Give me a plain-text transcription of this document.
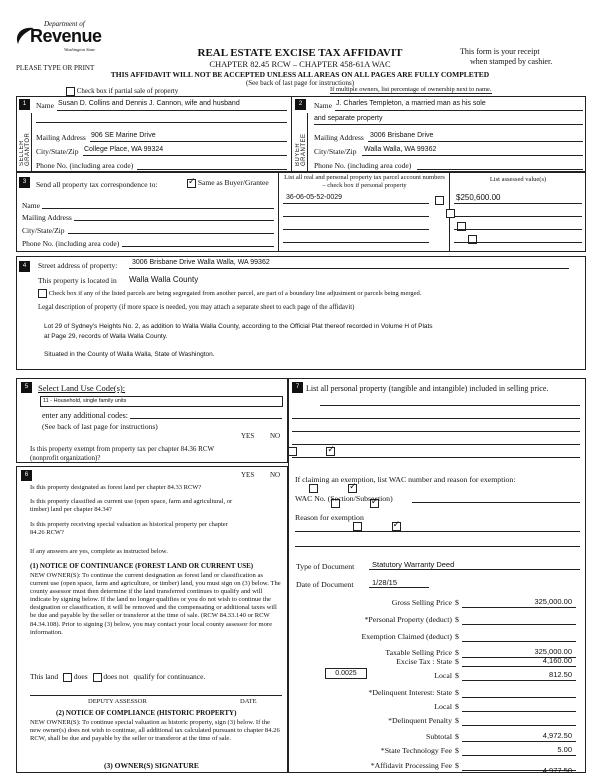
Department of
Revenue
Washington State
PLEASE TYPE OR PRINT
REAL ESTATE EXCISE TAX AFFIDAVIT
CHAPTER 82.45 RCW – CHAPTER 458-61A WAC
This form is your receipt
when stamped by cashier.
THIS AFFIDAVIT WILL NOT BE ACCEPTED UNLESS ALL AREAS ON ALL PAGES ARE FULLY COMPLETED
(See back of last page for instructions)
Check box if partial sale of property	If multiple owners, list percentage of ownership next to name.
1
SELLER GRANTOR
Name Susan D. Collins and Dennis J. Cannon, wife and husband
Mailing Address 906 SE Marine Drive
City/State/Zip College Place, WA 99324
Phone No. (including area code)
2
BUYER GRANTEE
Name J. Charles Templeton, a married man as his sole
and separate property
Mailing Address 3006 Brisbane Drive
City/State/Zip Walla Walla, WA 99362
Phone No. (including area code)
3	Send all property tax correspondence to:
✓	Same as Buyer/Grantee
List all real and personal property tax parcel account numbers – check box if personal property
List assessed value(s)
Name
Mailing Address
City/State/Zip
Phone No. (including area code)
36-06-05-52-0029
	$250,600.00
4	Street address of property: 3006 Brisbane Drive Walla Walla, WA 99362
This property is located in Walla Walla County
Check box if any of the listed parcels are being segregated from another parcel, are part of a boundary line adjustment or parcels being merged.
Legal description of property (if more space is needed, you may attach a separate sheet to each page of the affidavit)
Lot 29 of Sydney's Heights No. 2, as addition to Walla Walla County, according to the Official Plat thereof recorded in Volume H of Plats
at Page 29, records of Walla Walla County.
Situated in the County of Walla Walla, State of Washington.
5	Select Land Use Code(s):
11 - Household, single family units
enter any additional codes:
(See back of last page for instructions)
YES NO
Is this property exempt from property tax per chapter 84.36 RCW (nonprofit organization)?
✓
6	YES NO
Is this property designated as forest land per chapter 84.33 RCW?
✓
Is this property classified as current use (open space, farm and agricultural, or timber) land per chapter 84.34?
✓
Is this property receiving special valuation as historical property per chapter 84.26 RCW?
✓
If any answers are yes, complete as instructed below.
(1) NOTICE OF CONTINUANCE (FOREST LAND OR CURRENT USE)
NEW OWNER(S): To continue the current designation as forest land or classification as current use (open space, farm and agriculture, or timber) land, you must sign on (3) below. The county assessor must then determine if the land transferred continues to qualify and will indicate by signing below. If the land no longer qualifies or you do not wish to continue the designation or classification, it will be removed and the compensating or additional taxes will be due and payable by the seller or transferor at the time of sale. (RCW 84.33.140 or RCW 84.34.108). Prior to signing (3) below, you may contact your local county assessor for more information.
This land does does not qualify for continuance.
DEPUTY ASSESSOR	DATE
(2) NOTICE OF COMPLIANCE (HISTORIC PROPERTY)
NEW OWNER(S): To continue special valuation as historic property, sign (3) below. If the new owner(s) does not wish to continue, all additional tax calculated pursuant to chapter 84.26 RCW, shall be due and payable by the seller or transferor at the time of sale.
(3) OWNER(S) SIGNATURE
7 List all personal property (tangible and intangible) included in selling price.
If claiming an exemption, list WAC number and reason for exemption:
WAC No. (Section/Subsection)
Reason for exemption
Type of Document Statutory Warranty Deed
Date of Document 1/28/15
Gross Selling Price $	325,000.00
*Personal Property (deduct) $
Exemption Claimed (deduct) $
Taxable Selling Price $	325,000.00
Excise Tax : State $	4,160.00
Local $	812.50
*Delinquent Interest: State $
Local $
*Delinquent Penalty $
Subtotal $	4,972.50
*State Technology Fee $	5.00
*Affidavit Processing Fee $
0.0025
4,977.50
